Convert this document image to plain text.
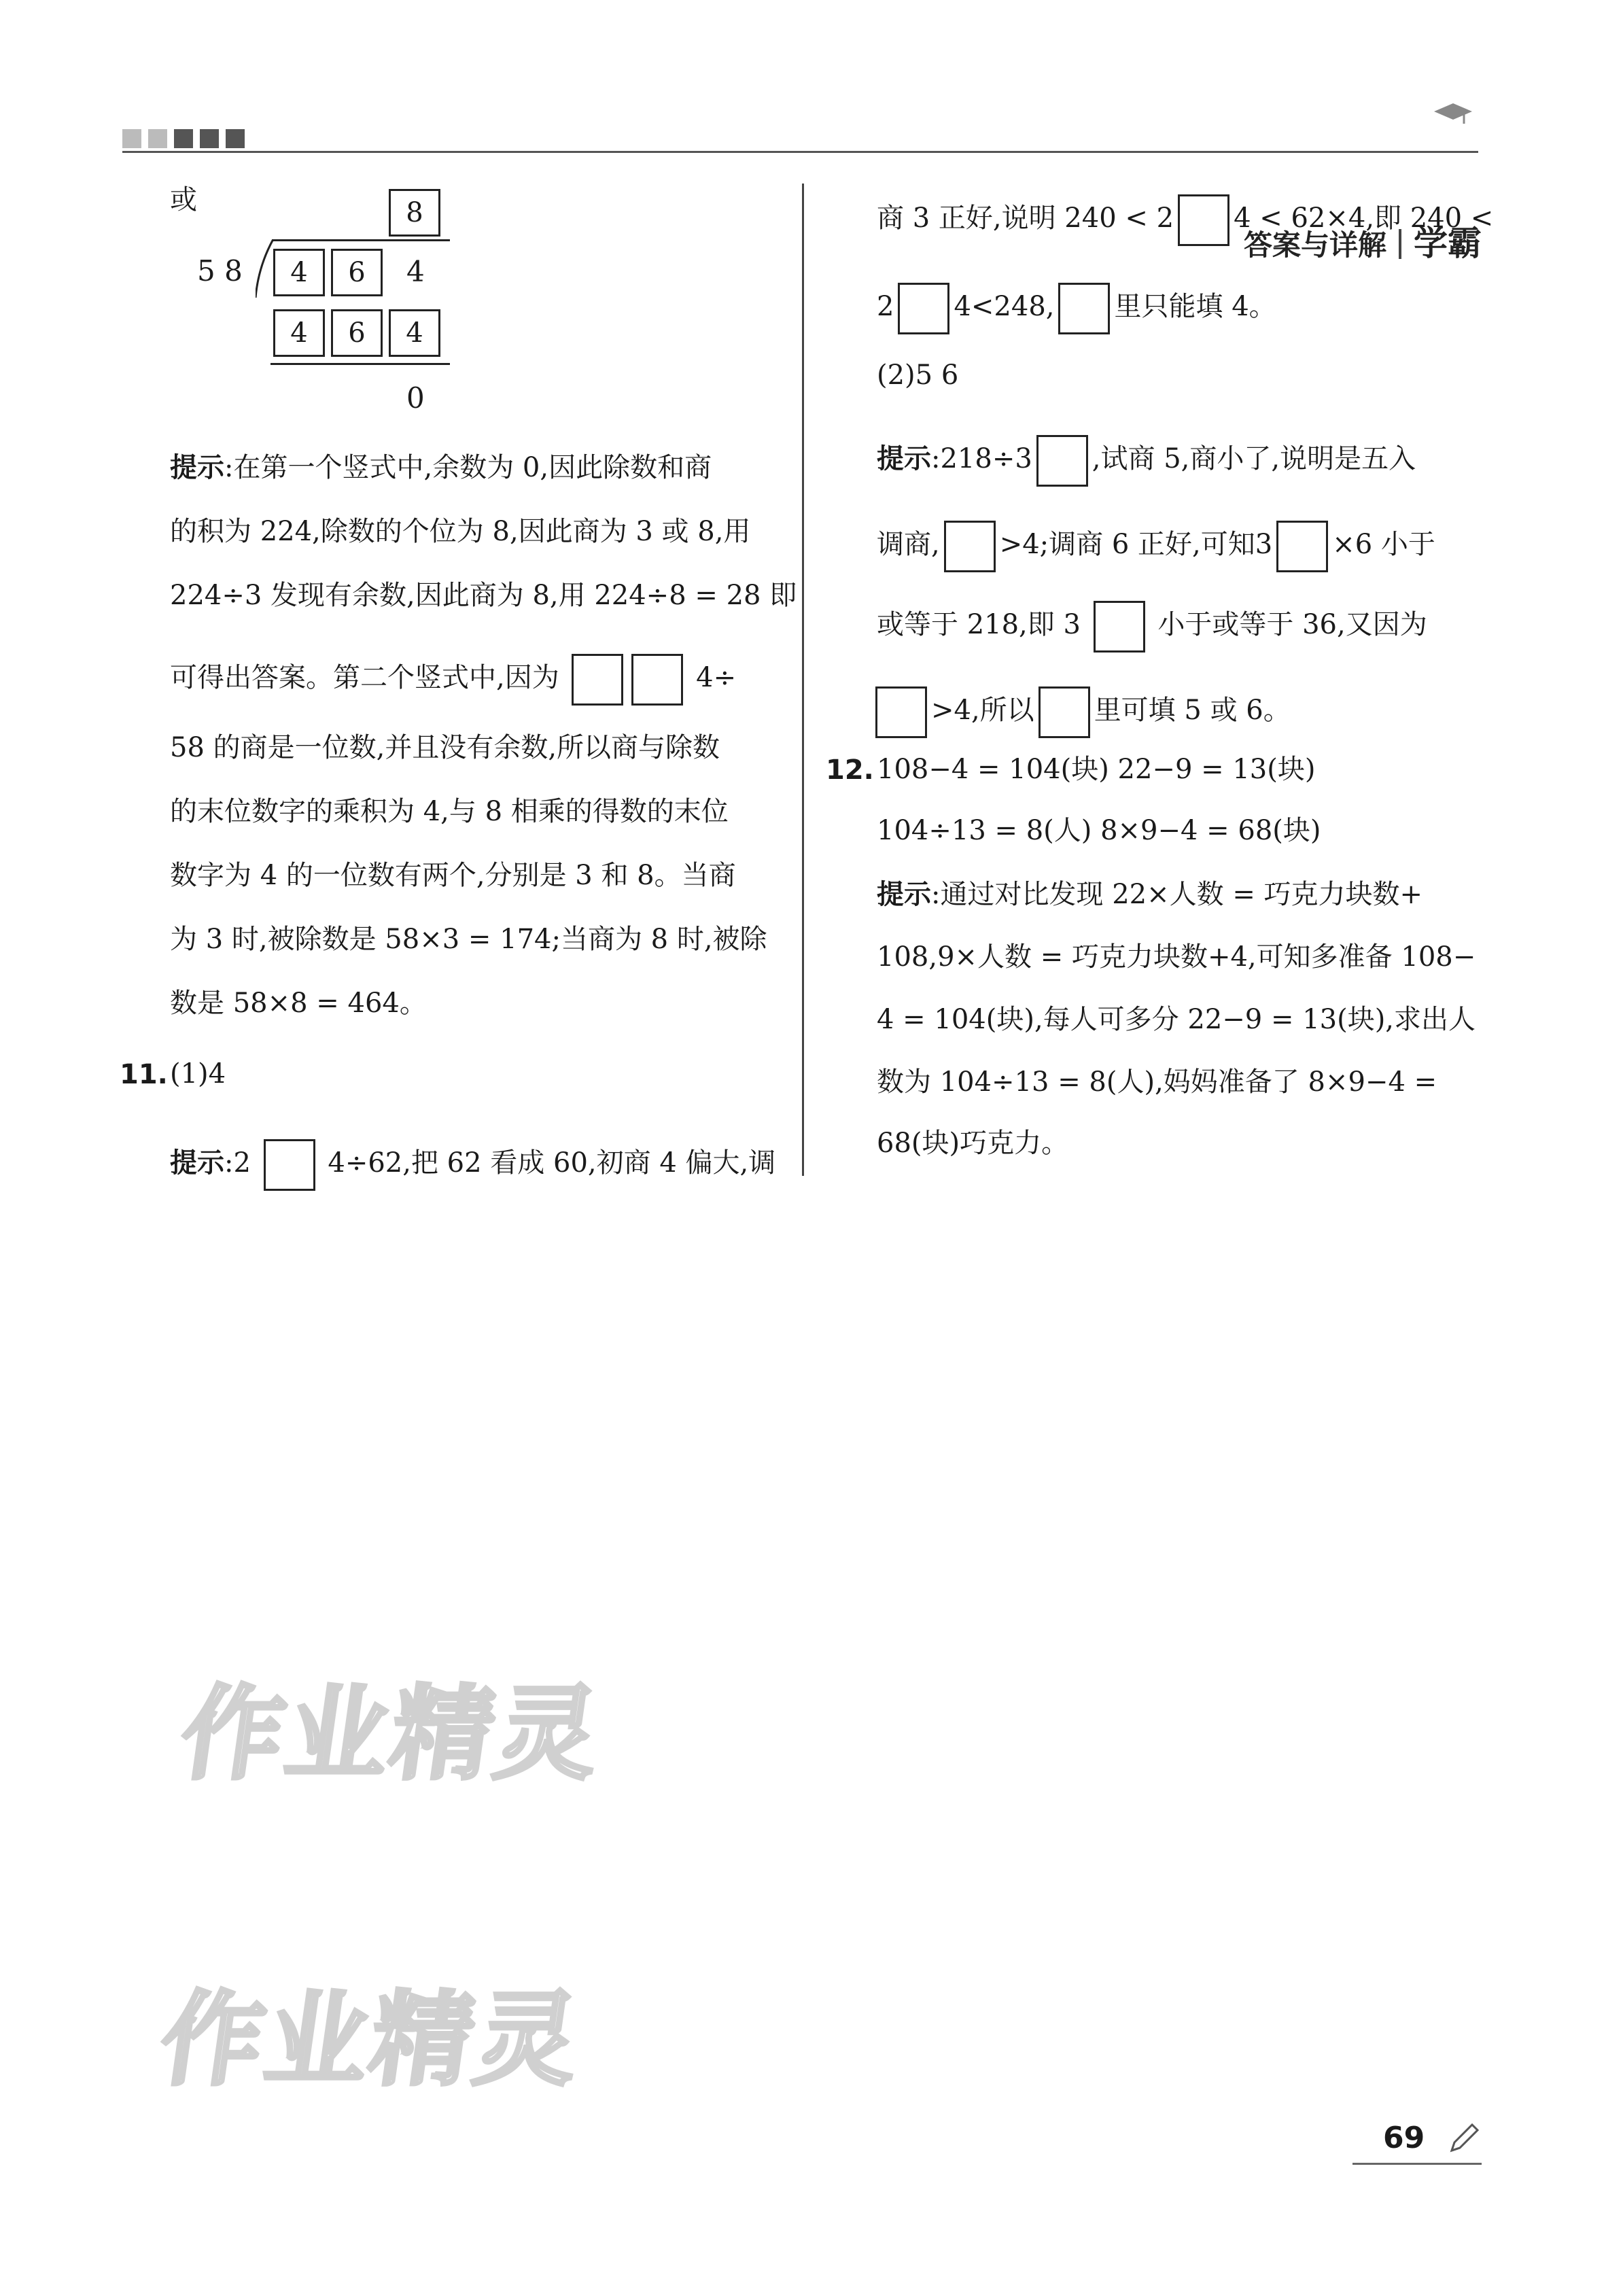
答案与详解 学霸
或	8
5 8	4	6	4
4	6	4
0
提示:在第一个竖式中,余数为 0,因此除数和商
的积为 224,除数的个位为 8,因此商为 3 或 8,用
224÷3 发现有余数,因此商为 8,用 224÷8 = 28 即
可得出答案。第二个竖式中,因为	4÷
58 的商是一位数,并且没有余数,所以商与除数
的末位数字的乘积为 4,与 8 相乘的得数的末位
数字为 4 的一位数有两个,分别是 3 和 8。当商
为 3 时,被除数是 58×3 = 174;当商为 8 时,被除
数是 58×8 = 464。
11. (1)4
提示:2	4÷62,把 62 看成 60,初商 4 偏大,调
商 3 正好,说明 240 < 2 4 < 62×4,即 240 <
2 4<248, 里只能填 4。
(2)5 6
提示:218÷3 ,试商 5,商小了,说明是五入
调商, >4;调商 6 正好,可知3 ×6 小于
或等于 218,即 3	小于或等于 36,又因为
>4,所以 里可填 5 或 6。
12. 108−4 = 104(块) 22−9 = 13(块)
104÷13 = 8(人) 8×9−4 = 68(块)
提示:通过对比发现 22×人数 = 巧克力块数+
108,9×人数 = 巧克力块数+4,可知多准备 108−
4 = 104(块),每人可多分 22−9 = 13(块),求出人
数为 104÷13 = 8(人),妈妈准备了 8×9−4 =
68(块)巧克力。
作业精灵
作业精灵
69
